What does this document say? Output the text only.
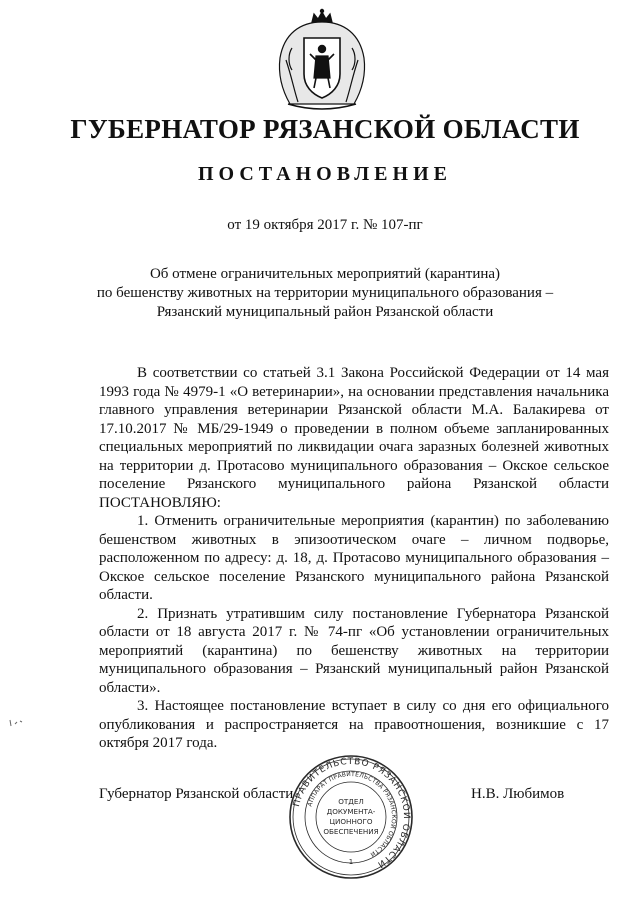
ГУБЕРНАТОР РЯЗАНСКОЙ ОБЛАСТИ
ПОСТАНОВЛЕНИЕ
от 19 октября 2017 г. № 107-пг
Об отмене ограничительных мероприятий (карантина)
по бешенству животных на территории муниципального образования –
Рязанский муниципальный район Рязанской области

В соответствии со статьей 3.1 Закона Российской Федерации от 14 мая 1993 года № 4979-1 «О ветеринарии», на основании представления начальника главного управления ветеринарии Рязанской области М.А. Балакирева от 17.10.2017 № МБ/29-1949 о проведении в полном объеме запланированных специальных мероприятий по ликвидации очага заразных болезней животных на территории д. Протасово муниципального образования – Окское сельское поселение Рязанского муниципального района Рязанской области ПОСТАНОВЛЯЮ:

1. Отменить ограничительные мероприятия (карантин) по заболеванию бешенством животных в эпизоотическом очаге – личном подворье, расположенном по адресу: д. 18, д. Протасово муниципального образования – Окское сельское поселение Рязанского муниципального района Рязанской области.

2. Признать утратившим силу постановление Губернатора Рязанской области от 18 августа 2017 г. № 74-пг «Об установлении ограничительных мероприятий (карантина) по бешенству животных на территории муниципального образования – Рязанский муниципальный район Рязанской области».

3. Настоящее постановление вступает в силу со дня его официального опубликования и распространяется на правоотношения, возникшие с 17 октября 2017 года.

Губернатор Рязанской области	Н.В. Любимов
ПРАВИТЕЛЬСТВО РЯЗАНСКОЙ ОБЛАСТИ
АППАРАТ ПРАВИТЕЛЬСТВА РЯЗАНСКОЙ ОБЛАСТИ
ОТДЕЛ
ДОКУМЕНТА-
ЦИОННОГО
ОБЕСПЕЧЕНИЯ
1
